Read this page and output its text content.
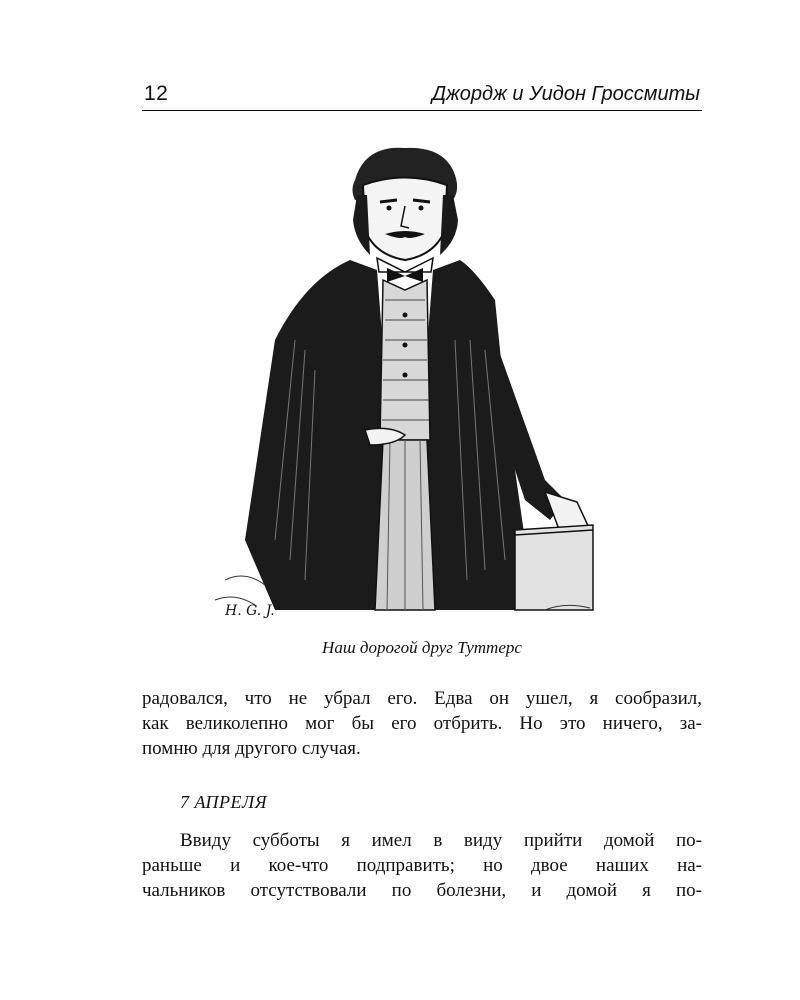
12	Джордж и Уидон Гроссмиты
H. G. J.
Наш дорогой друг Туттерс
радовался, что не убрал его. Едва он ушел, я сообразил,
как великолепно мог бы его отбрить. Но это ничего, за-
помню для другого случая.
7 АПРЕЛЯ
Ввиду субботы я имел в виду прийти домой по-
раньше и кое-что подправить; но двое наших на-
чальников отсутствовали по болезни, и домой я по-
